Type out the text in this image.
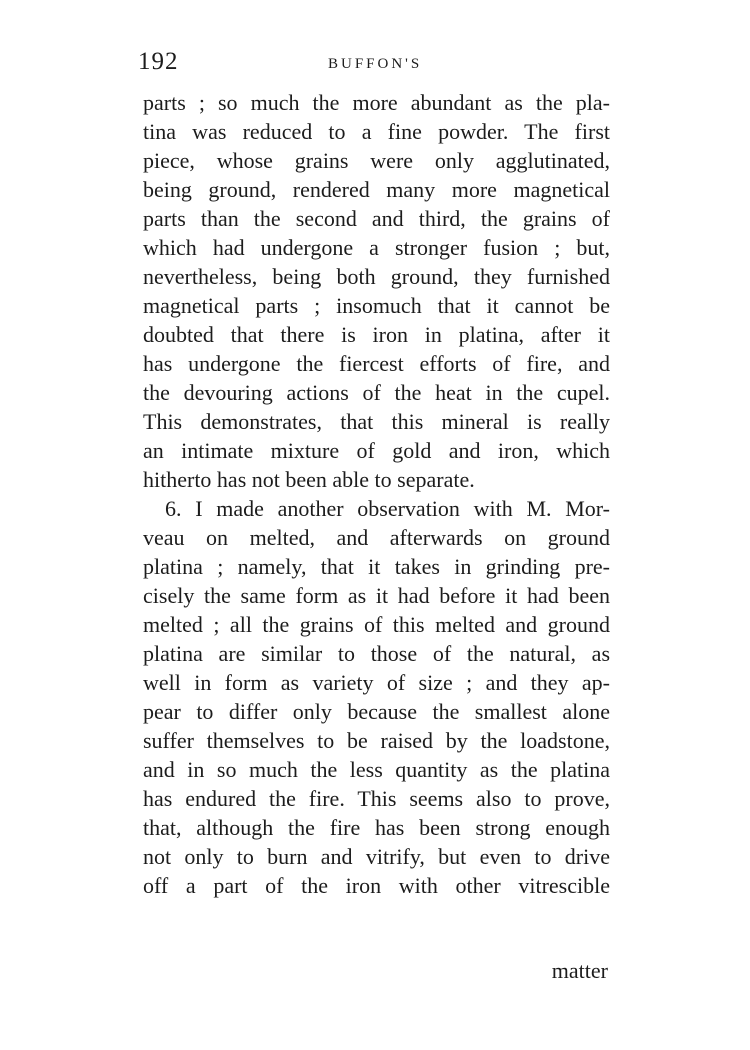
192	BUFFON'S
parts ; so much the more abundant as the pla-
tina was reduced to a fine powder. The first
piece, whose grains were only agglutinated,
being ground, rendered many more magnetical
parts than the second and third, the grains of
which had undergone a stronger fusion ; but,
nevertheless, being both ground, they furnished
magnetical parts ; insomuch that it cannot be
doubted that there is iron in platina, after it
has undergone the fiercest efforts of fire, and
the devouring actions of the heat in the cupel.
This demonstrates, that this mineral is really
an intimate mixture of gold and iron, which
hitherto has not been able to separate.
6. I made another observation with M. Mor-
veau on melted, and afterwards on ground
platina ; namely, that it takes in grinding pre-
cisely the same form as it had before it had been
melted ; all the grains of this melted and ground
platina are similar to those of the natural, as
well in form as variety of size ; and they ap-
pear to differ only because the smallest alone
suffer themselves to be raised by the loadstone,
and in so much the less quantity as the platina
has endured the fire. This seems also to prove,
that, although the fire has been strong enough
not only to burn and vitrify, but even to drive
off a part of the iron with other vitrescible
matter
